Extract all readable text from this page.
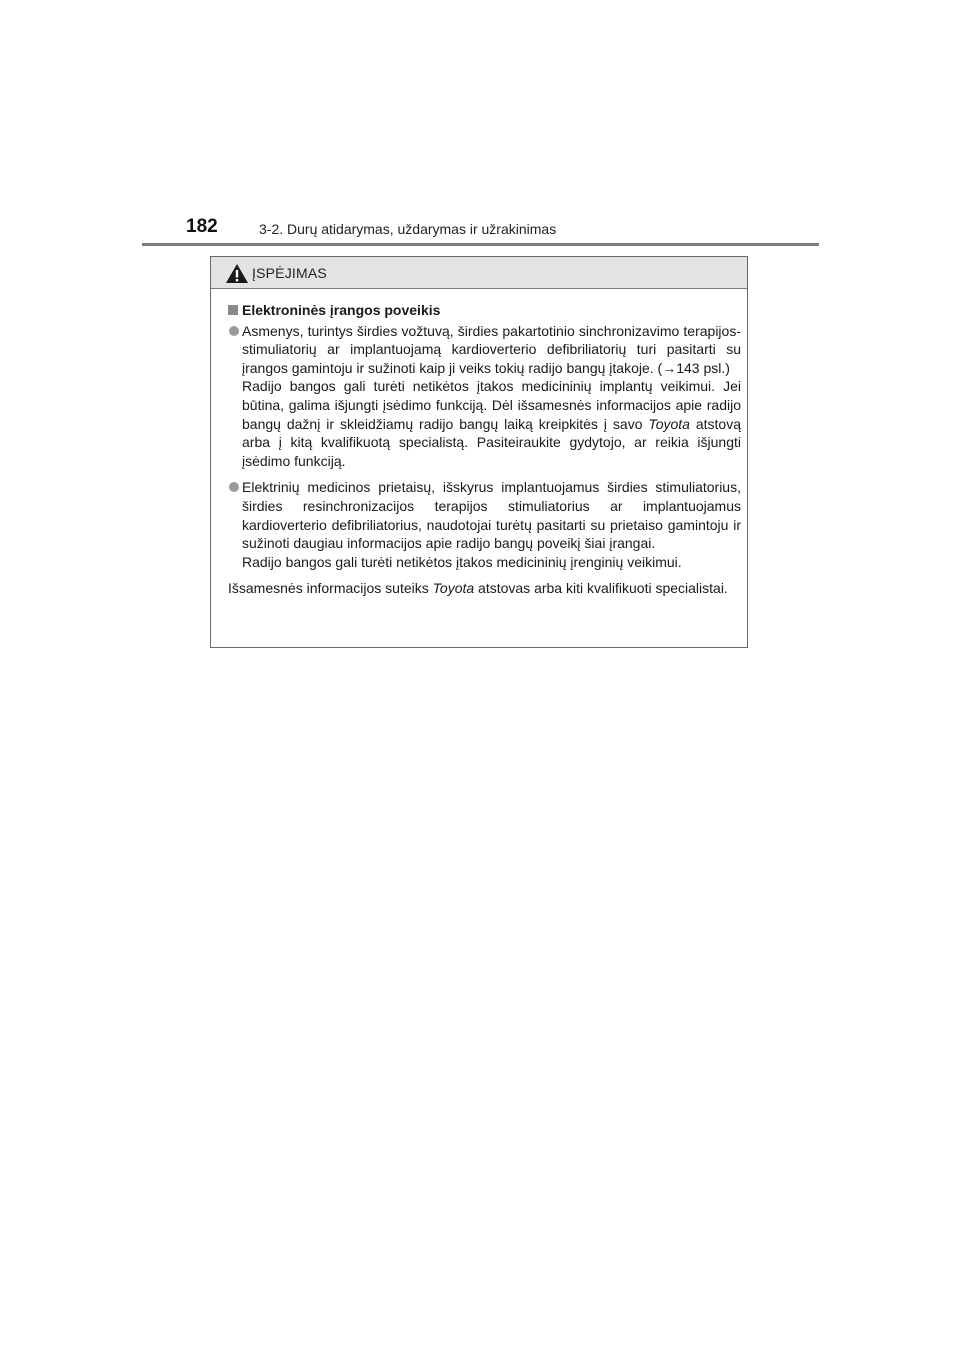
182	3-2. Durų atidarymas, uždarymas ir užrakinimas
ĮSPĖJIMAS
Elektroninės įrangos poveikis

Asmenys, turintys širdies vožtuvą, širdies pakartotinio sinchronizavimo terapijos-stimuliatorių ar implantuojamą kardioverterio defibriliatorių turi pasitarti su įrangos gamintoju ir sužinoti kaip ji veiks tokių radijo bangų įtakoje. (→143 psl.)

Radijo bangos gali turėti netikėtos įtakos medicininių implantų veikimui. Jei būtina, galima išjungti įsėdimo funkciją. Dėl išsamesnės informacijos apie radijo bangų dažnį ir skleidžiamų radijo bangų laiką kreipkitės į savo Toyota atstovą arba į kitą kvalifikuotą specialistą. Pasiteiraukite gydytojo, ar reikia išjungti įsėdimo funkciją.

Elektrinių medicinos prietaisų, išskyrus implantuojamus širdies stimuliatorius, širdies resinchronizacijos terapijos stimuliatorius ar implantuojamus kardioverterio defibriliatorius, naudotojai turėtų pasitarti su prietaiso gamintoju ir sužinoti daugiau informacijos apie radijo bangų poveikį šiai įrangai.

Radijo bangos gali turėti netikėtos įtakos medicininių įrenginių veikimui.

Išsamesnės informacijos suteiks Toyota atstovas arba kiti kvalifikuoti specialistai.
